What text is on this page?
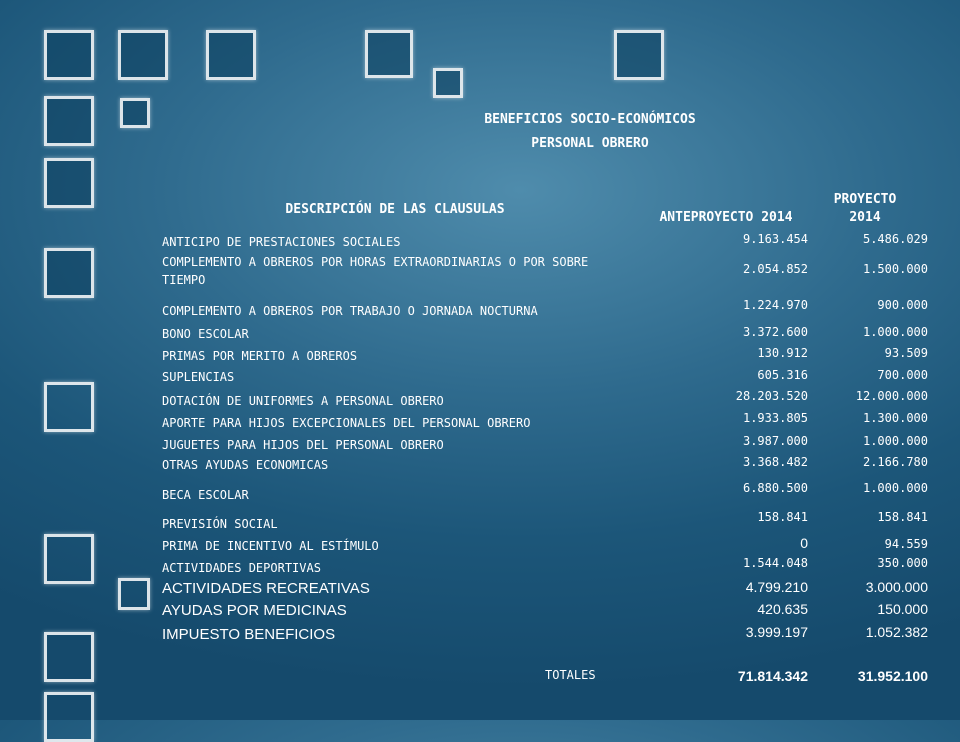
BENEFICIOS SOCIO-ECONÓMICOS
PERSONAL OBRERO
DESCRIPCIÓN DE LAS CLAUSULAS
ANTEPROYECTO 2014
PROYECTO
2014
ANTICIPO DE PRESTACIONES SOCIALES	9.163.454	5.486.029
COMPLEMENTO A OBREROS POR HORAS EXTRAORDINARIAS O POR SOBRE TIEMPO
2.054.852	1.500.000
COMPLEMENTO A OBREROS POR TRABAJO O JORNADA NOCTURNA	1.224.970	900.000
BONO ESCOLAR	3.372.600	1.000.000
PRIMAS POR MERITO A OBREROS	130.912	93.509
SUPLENCIAS	605.316	700.000
DOTACIÓN DE UNIFORMES A PERSONAL OBRERO	28.203.520	12.000.000
APORTE PARA HIJOS EXCEPCIONALES DEL PERSONAL OBRERO	1.933.805	1.300.000
JUGUETES PARA HIJOS DEL PERSONAL OBRERO	3.987.000	1.000.000
OTRAS AYUDAS ECONOMICAS	3.368.482	2.166.780
BECA ESCOLAR	6.880.500	1.000.000
PREVISIÓN SOCIAL	158.841	158.841
PRIMA DE INCENTIVO AL ESTÍMULO	0	94.559
ACTIVIDADES DEPORTIVAS	1.544.048	350.000
ACTIVIDADES RECREATIVAS	4.799.210	3.000.000
AYUDAS POR MEDICINAS	420.635	150.000
IMPUESTO BENEFICIOS	3.999.197	1.052.382
TOTALES	71.814.342	31.952.100
